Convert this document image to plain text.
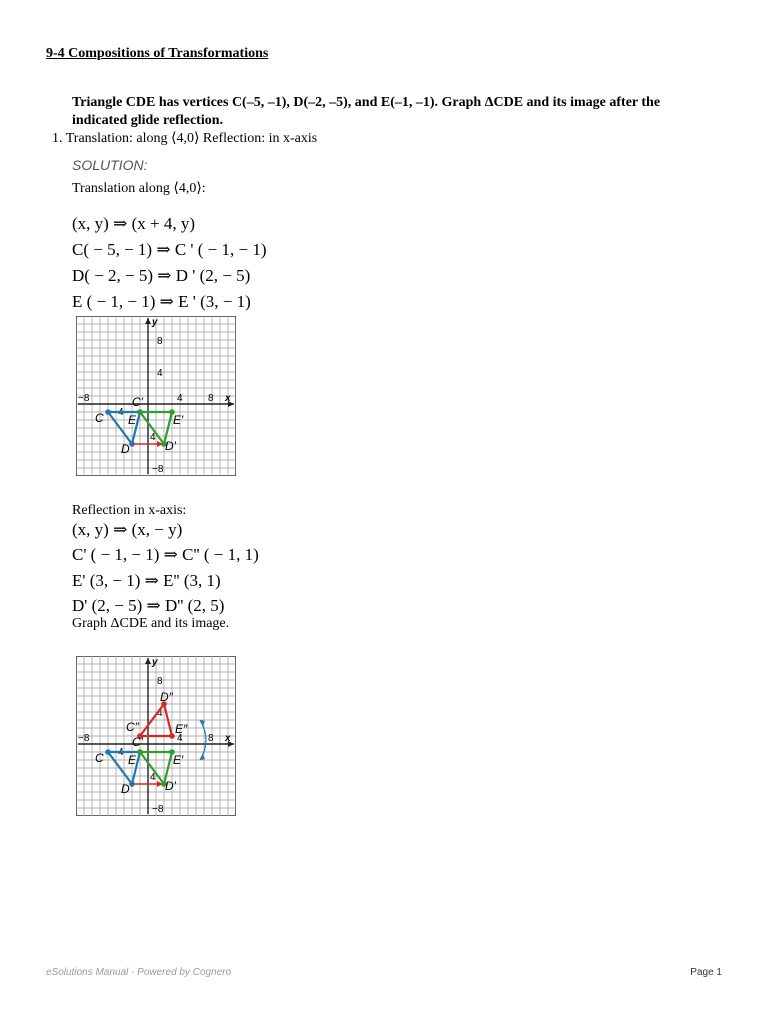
9-4 Compositions of Transformations
Triangle CDE has vertices C(–5, –1), D(–2, –5), and E(–1, –1). Graph ΔCDE and its image after the indicated glide reflection.
1. Translation: along ⟨4,0⟩ Reflection: in x-axis
SOLUTION:
Translation along ⟨4,0⟩:
(x, y) ⇒ (x + 4, y)
C( − 5, − 1) ⇒ C ' ( − 1, − 1)
D( − 2, − 5) ⇒ D ' (2, − 5)
E ( − 1, − 1) ⇒ E ' (3, − 1)
−8	4	8
8
4
−8
4
4
x
y
C
D
E
C′
D′
E′
Reflection in x-axis:
(x, y) ⇒ (x, − y)
C' ( − 1, − 1) ⇒ C'' ( − 1, 1)
E' (3, − 1) ⇒ E'' (3, 1)
D' (2, − 5) ⇒ D'' (2, 5)
Graph ΔCDE and its image.
−8	4	8
8
4
−8
4
4
x
y
C
D
E
C′
D′
E′
C″
D″
E″
eSolutions Manual - Powered by Cognero	Page 1
